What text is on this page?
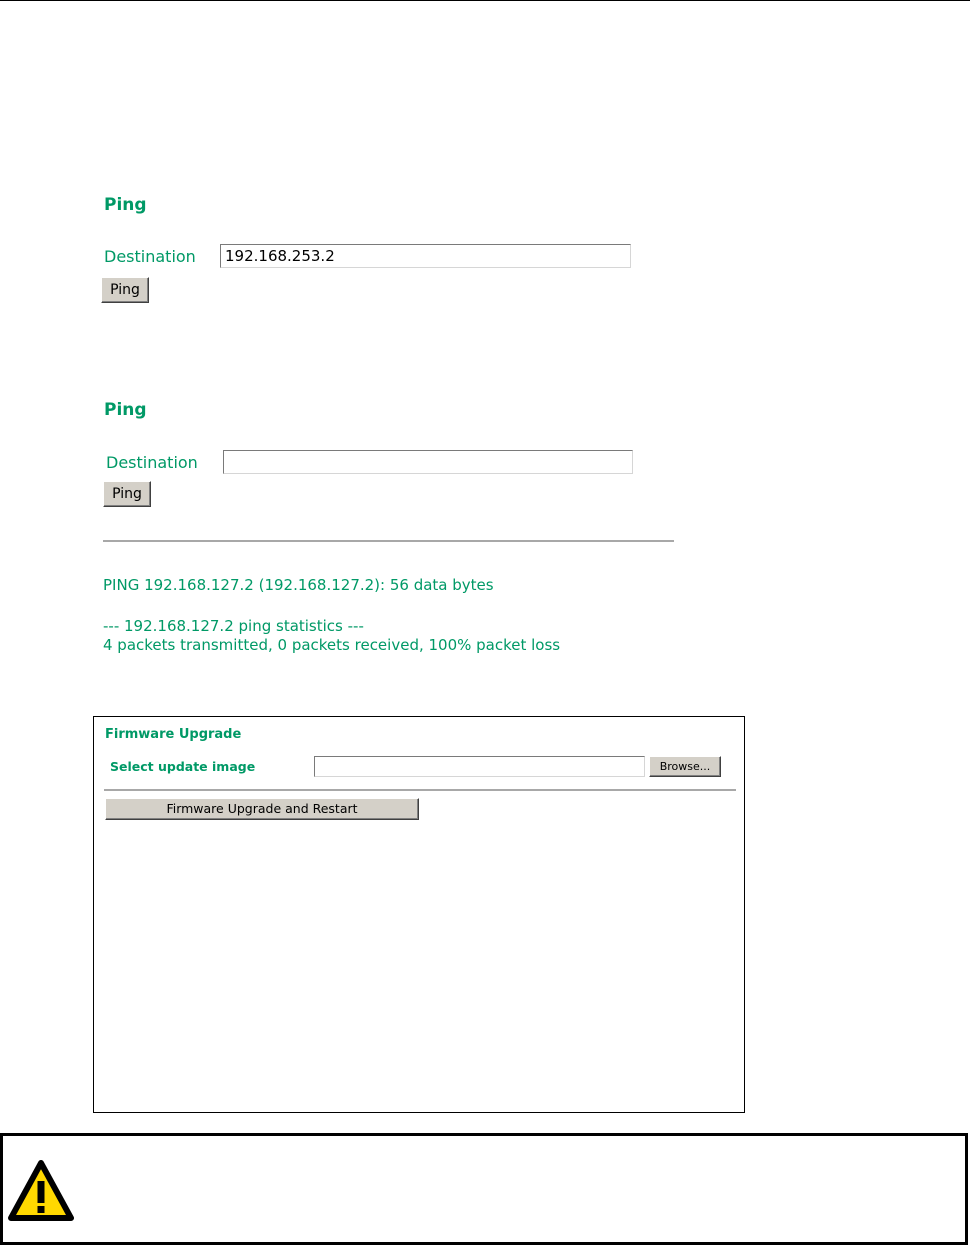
Ping
Destination
192.168.253.2
Ping
Ping
Destination
Ping
PING 192.168.127.2 (192.168.127.2): 56 data bytes
--- 192.168.127.2 ping statistics ---
4 packets transmitted, 0 packets received, 100% packet loss
Firmware Upgrade
Select update image	Browse...
Firmware Upgrade and Restart
